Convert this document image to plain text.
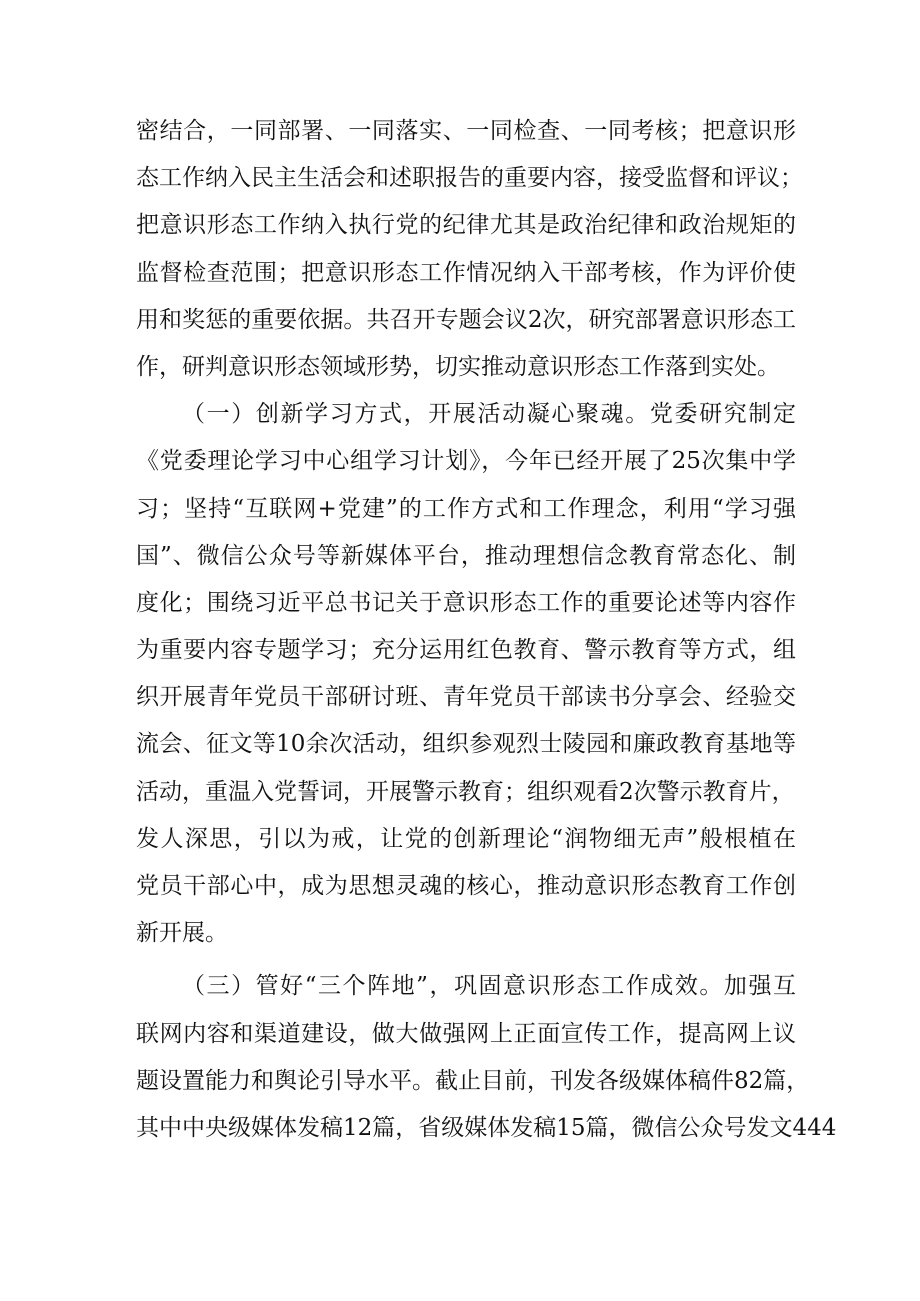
密结合，一同部署、一同落实、一同检查、一同考核；把意识形
态工作纳入民主生活会和述职报告的重要内容，接受监督和评议；
把意识形态工作纳入执行党的纪律尤其是政治纪律和政治规矩的
监督检查范围；把意识形态工作情况纳入干部考核，作为评价使
用和奖惩的重要依据。共召开专题会议2次，研究部署意识形态工
作，研判意识形态领域形势，切实推动意识形态工作落到实处。
（一）创新学习方式，开展活动凝心聚魂。党委研究制定
《党委理论学习中心组学习计划》，今年已经开展了25次集中学
习；坚持“互联网+党建”的工作方式和工作理念，利用“学习强
国”、微信公众号等新媒体平台，推动理想信念教育常态化、制
度化；围绕习近平总书记关于意识形态工作的重要论述等内容作
为重要内容专题学习；充分运用红色教育、警示教育等方式，组
织开展青年党员干部研讨班、青年党员干部读书分享会、经验交
流会、征文等10余次活动，组织参观烈士陵园和廉政教育基地等
活动，重温入党誓词，开展警示教育；组织观看2次警示教育片，
发人深思，引以为戒，让党的创新理论“润物细无声”般根植在
党员干部心中，成为思想灵魂的核心，推动意识形态教育工作创
新开展。
（三）管好“三个阵地”，巩固意识形态工作成效。加强互
联网内容和渠道建设，做大做强网上正面宣传工作，提高网上议
题设置能力和舆论引导水平。截止目前，刊发各级媒体稿件82篇，
其中中央级媒体发稿12篇，省级媒体发稿15篇，微信公众号发文444
